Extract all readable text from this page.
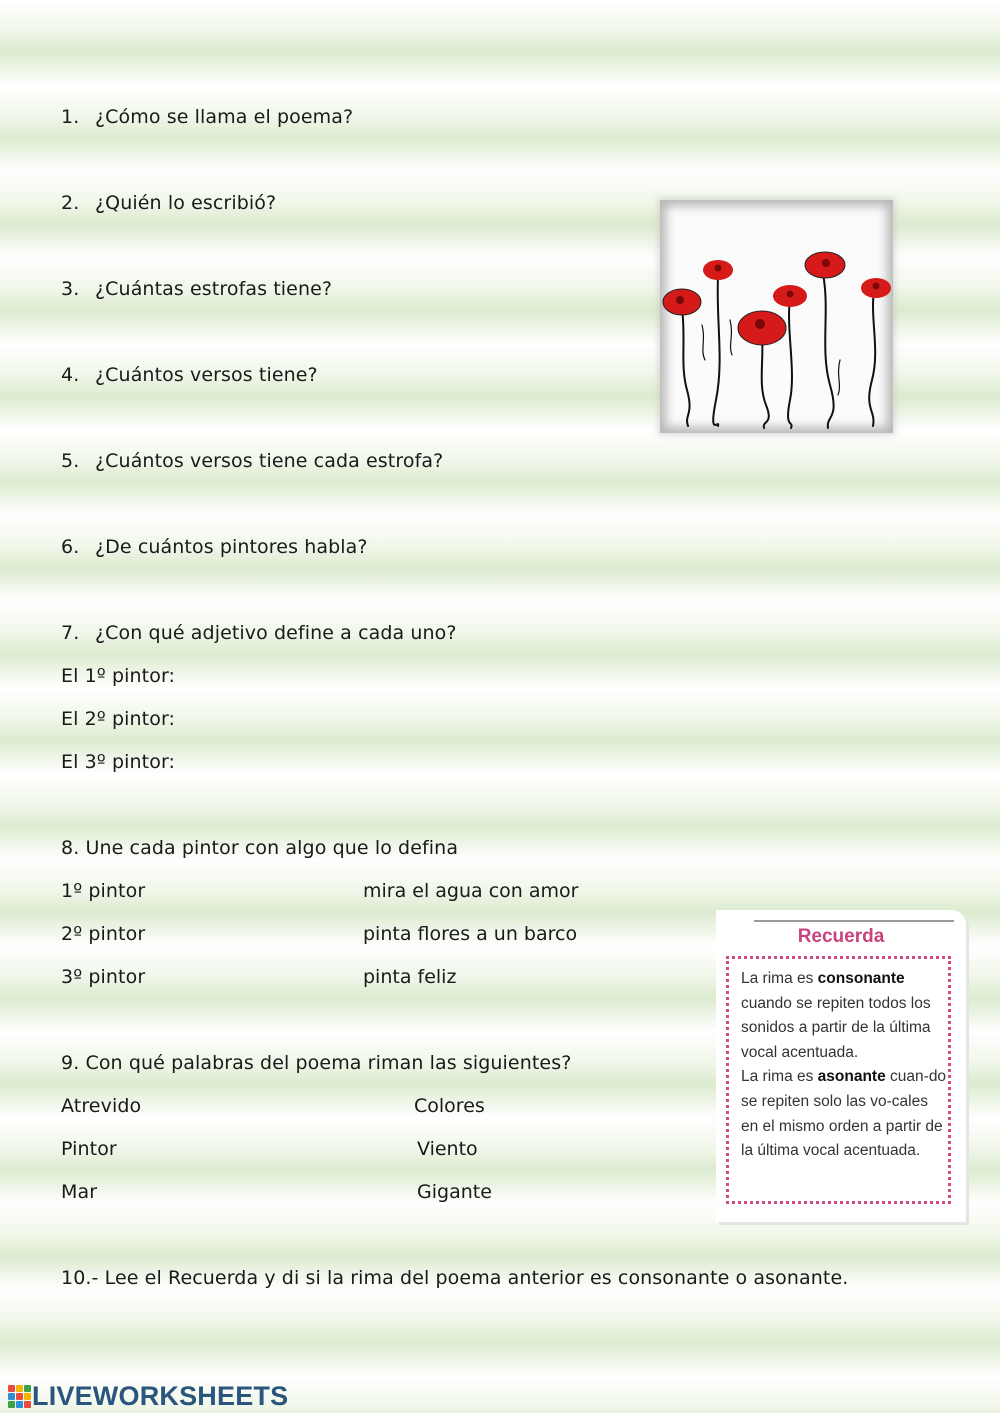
1. ¿Cómo se llama el poema?
2. ¿Quién lo escribió?
3. ¿Cuántas estrofas tiene?
4. ¿Cuántos versos tiene?
5. ¿Cuántos versos tiene cada estrofa?
6. ¿De cuántos pintores habla?
7. ¿Con qué adjetivo define a cada uno?
El 1º pintor:
El 2º pintor:
El 3º pintor:
8. Une cada pintor con algo que lo defina
1º pintor
2º pintor
3º pintor
mira el agua con amor
pinta flores a un barco
pinta feliz
9. Con qué palabras del poema riman las siguientes?
Atrevido
Pintor
Mar
Colores
Viento
Gigante
10.- Lee el Recuerda y di si la rima del poema anterior es consonante o asonante.
Recuerda

La rima es consonante cuando se repiten todos los sonidos a partir de la última vocal acentuada.

La rima es asonante cuan-do se repiten solo las vo-cales en el mismo orden a partir de la última vocal acentuada.

LIVEWORKSHEETS
